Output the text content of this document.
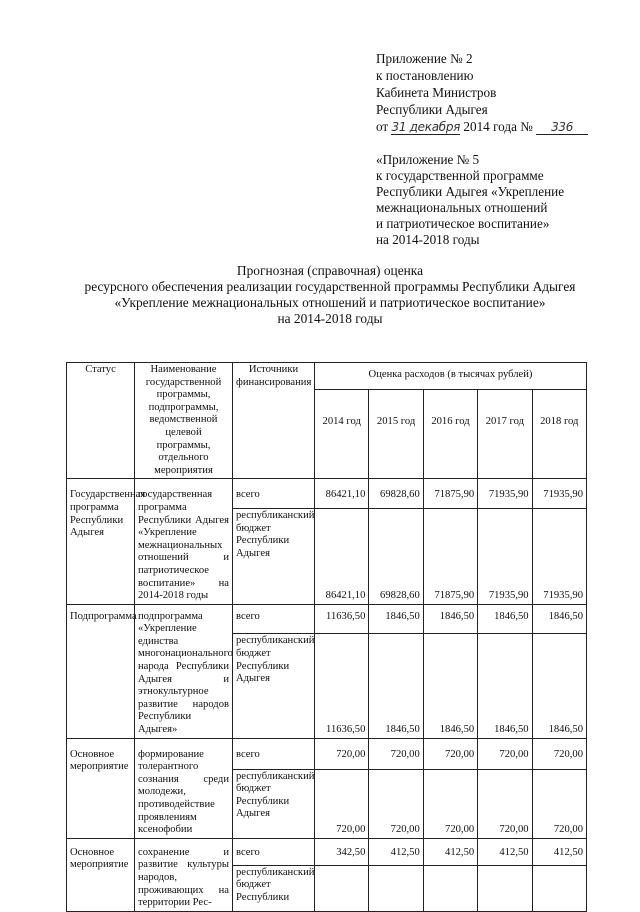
Приложение № 2
к постановлению
Кабинета Министров
Республики Адыгея
от 31 декабря 2014 года № 336
«Приложение № 5
к государственной программе
Республики Адыгея «Укрепление
межнациональных отношений
и патриотическое воспитание»
на 2014-2018 годы
Прогнозная (справочная) оценка
ресурсного обеспечения реализации государственной программы Республики Адыгея
«Укрепление межнациональных отношений и патриотическое воспитание»
на 2014-2018 годы
Статус	Наименование государственной программы, подпрограммы, ведомственной целевой программы, отдельного мероприятия	Источники финансирования	Оценка расходов (в тысячах рублей)				
			2014 год	2015 год	2016 год	2017 год	2018 год
Государственная программа Республики Адыгея	государственная программа Республики Адыгея «Укрепление межнациональных отношений и патриотическое воспитание» на 2014-2018 годы	всего	86421,10	69828,60	71875,90	71935,90	71935,90
		республиканский бюджет Республики Адыгея	86421,10	69828,60	71875,90	71935,90	71935,90
Подпрограмма	подпрограмма «Укрепление единства многонационального народа Республики Адыгея и этнокультурное развитие народов Республики Адыгея»	всего	11636,50	1846,50	1846,50	1846,50	1846,50
		республиканский бюджет Республики Адыгея	11636,50	1846,50	1846,50	1846,50	1846,50
Основное мероприятие	формирование толерантного сознания среди молодежи, противодействие проявлениям ксенофобии	всего	720,00	720,00	720,00	720,00	720,00
		республиканский бюджет Республики Адыгея	720,00	720,00	720,00	720,00	720,00
Основное мероприятие	сохранение и развитие культуры народов, проживающих на территории Рес-	всего	342,50	412,50	412,50	412,50	412,50
		республиканский бюджет Республики					
